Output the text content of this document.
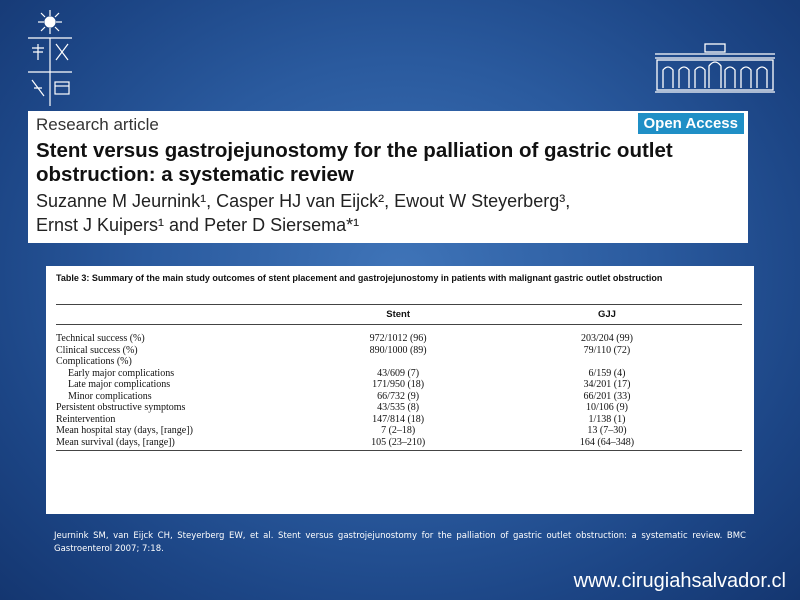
Research article	Open Access
Stent versus gastrojejunostomy for the palliation of gastric outlet obstruction: a systematic review
Suzanne M Jeurnink¹, Casper HJ van Eijck², Ewout W Steyerberg³,
Ernst J Kuipers¹ and Peter D Siersema*¹
Table 3: Summary of the main study outcomes of stent placement and gastrojejunostomy in patients with malignant gastric outlet obstruction
	Stent	GJJ
Technical success (%)	972/1012 (96)	203/204 (99)
Clinical success (%)	890/1000 (89)	79/110 (72)
Complications (%)		
Early major complications	43/609 (7)	6/159 (4)
Late major complications	171/950 (18)	34/201 (17)
Minor complications	66/732 (9)	66/201 (33)
Persistent obstructive symptoms	43/535 (8)	10/106 (9)
Reintervention	147/814 (18)	1/138 (1)
Mean hospital stay (days, [range])	7 (2–18)	13 (7–30)
Mean survival (days, [range])	105 (23–210)	164 (64–348)
Jeurnink SM, van Eijck CH, Steyerberg EW, et al. Stent versus gastrojejunostomy for the palliation of gastric outlet obstruction: a systematic review. BMC Gastroenterol 2007; 7:18.
www.cirugiahsalvador.cl
